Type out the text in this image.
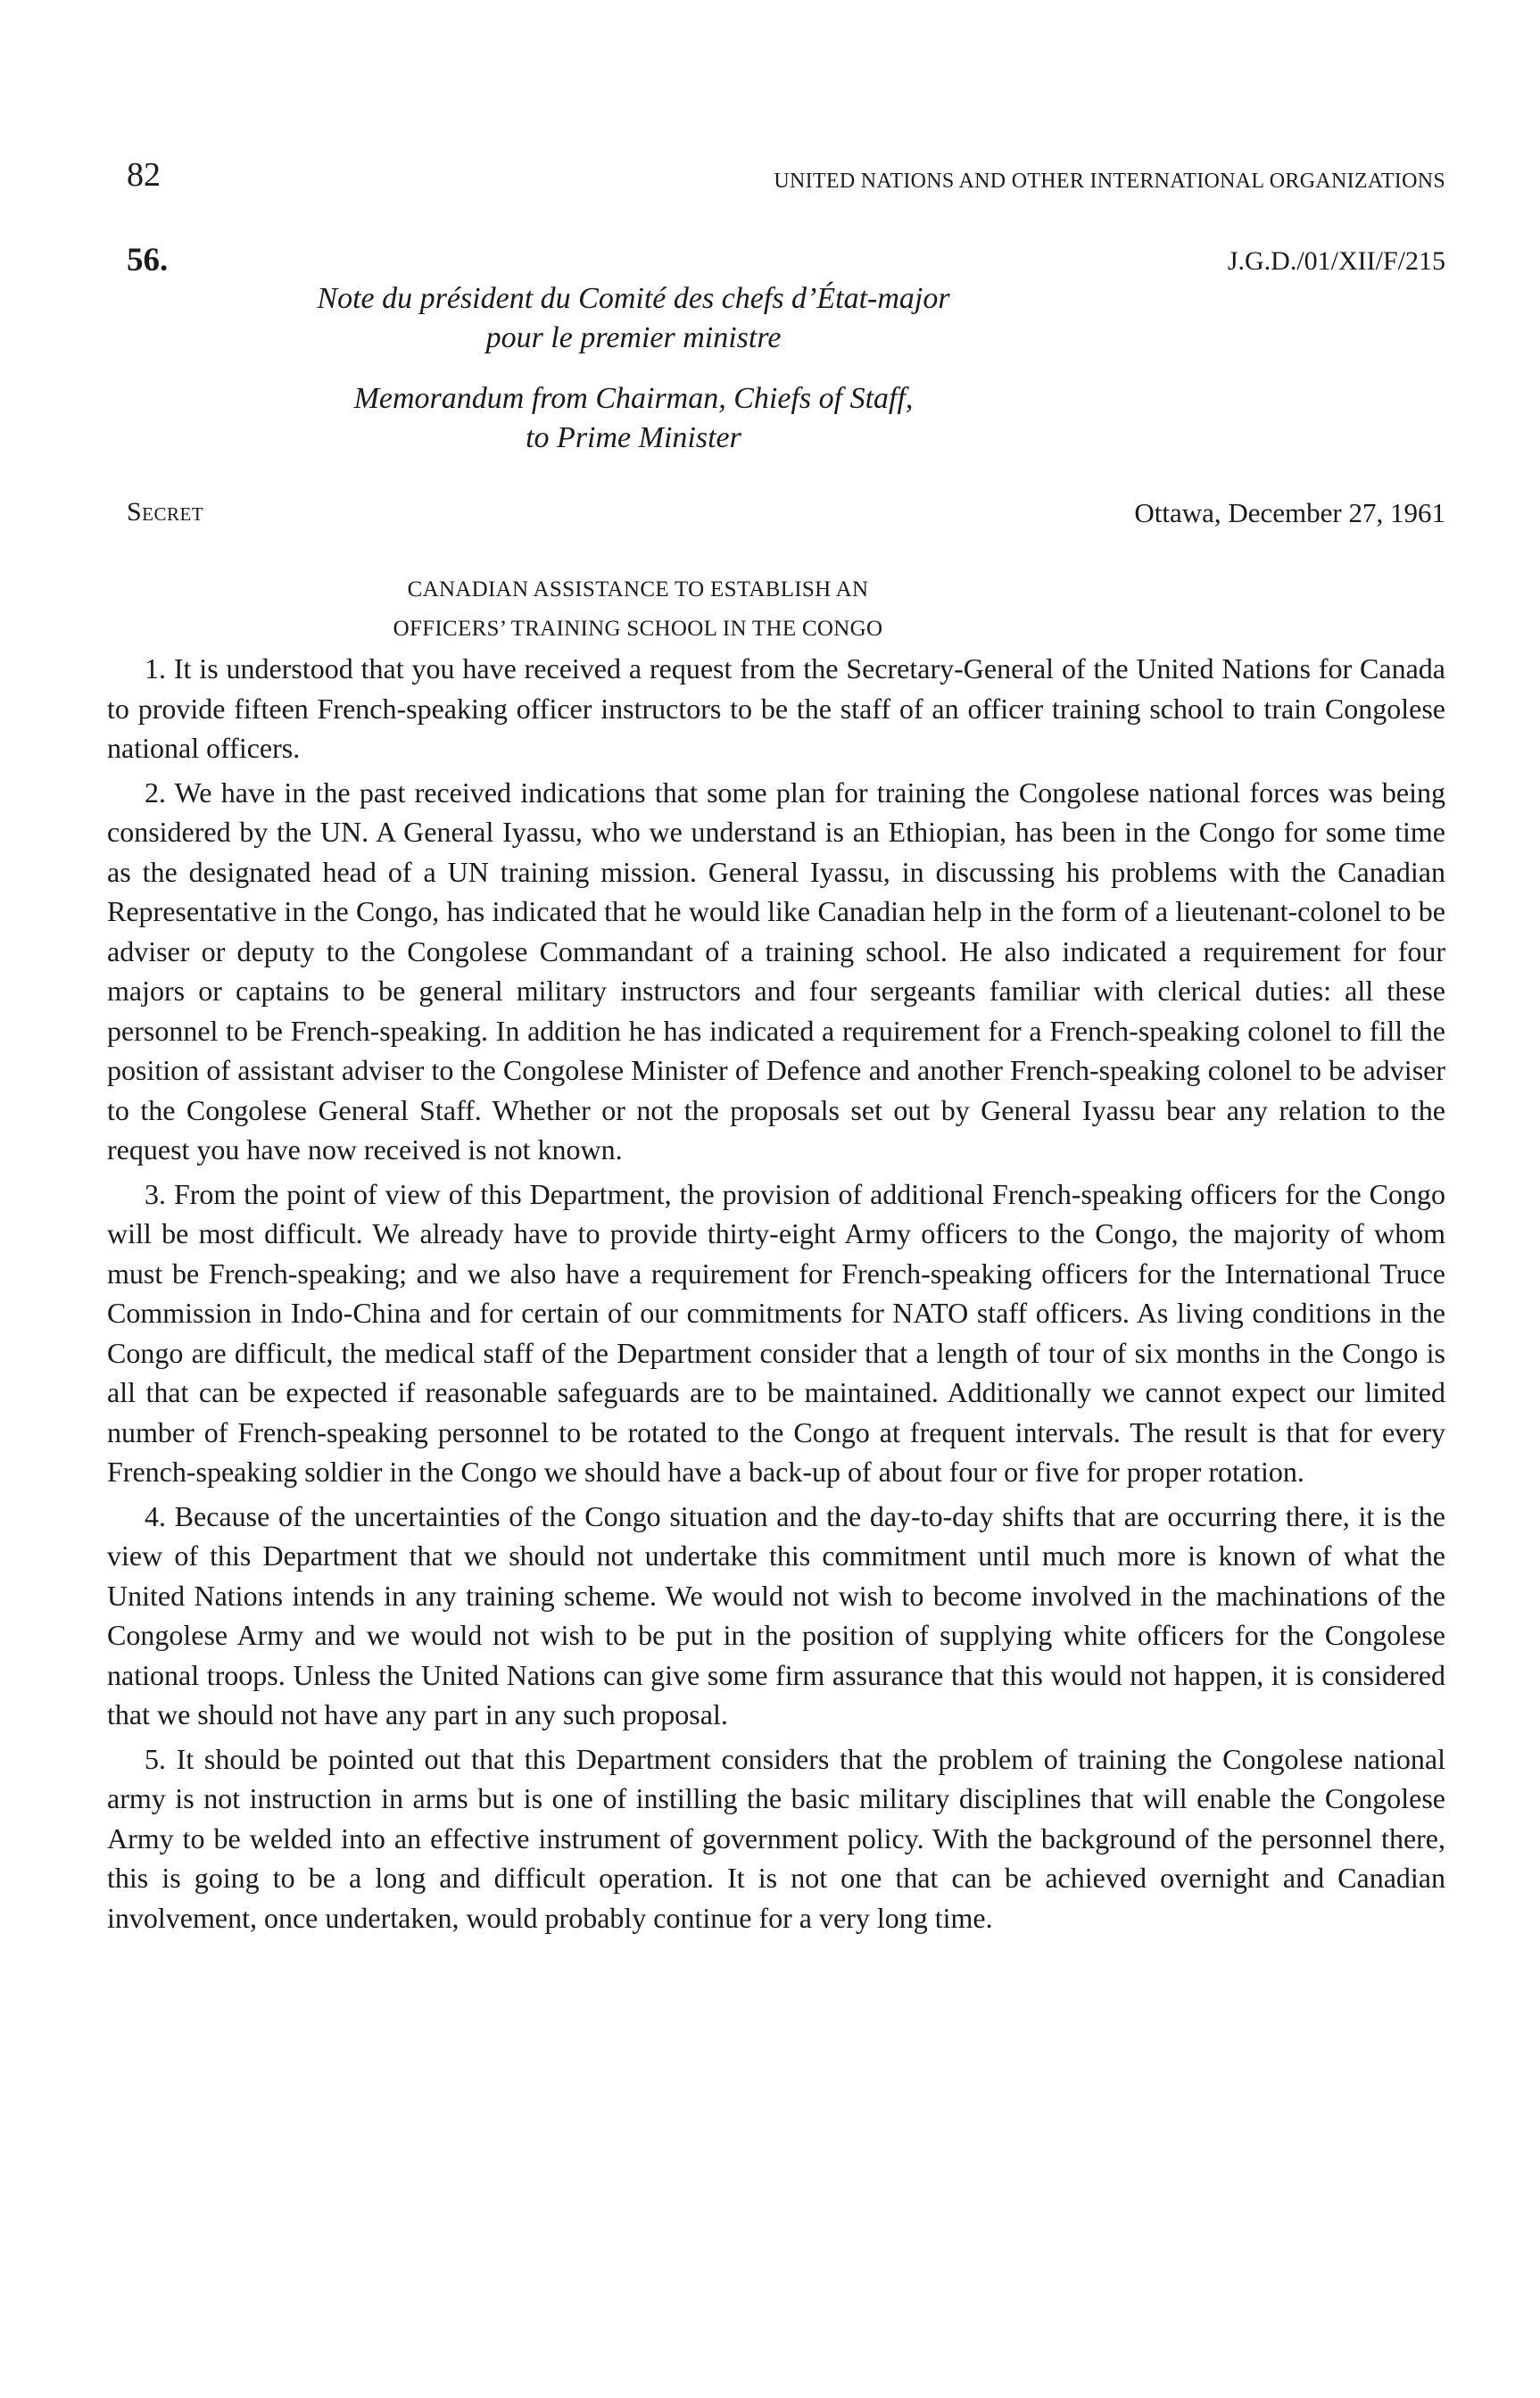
82	UNITED NATIONS AND OTHER INTERNATIONAL ORGANIZATIONS
56.	J.G.D./01/XII/F/215
Note du président du Comité des chefs d’État-major
pour le premier ministre
Memorandum from Chairman, Chiefs of Staff,
to Prime Minister
Secret	Ottawa, December 27, 1961
CANADIAN ASSISTANCE TO ESTABLISH AN
OFFICERS’ TRAINING SCHOOL IN THE CONGO

1. It is understood that you have received a request from the Secretary-General of the United Nations for Canada to provide fifteen French-speaking officer instructors to be the staff of an officer training school to train Congolese national officers.

2. We have in the past received indications that some plan for training the Congolese national forces was being considered by the UN. A General Iyassu, who we understand is an Ethiopian, has been in the Congo for some time as the designated head of a UN training mission. General Iyassu, in discussing his problems with the Canadian Representative in the Congo, has indicated that he would like Canadian help in the form of a lieutenant-colonel to be adviser or deputy to the Congolese Commandant of a training school. He also indicated a requirement for four majors or captains to be general military instructors and four sergeants familiar with clerical duties: all these personnel to be French-speaking. In addition he has indicated a requirement for a French-speaking colonel to fill the position of assistant adviser to the Congolese Minister of Defence and another French-speaking colonel to be adviser to the Congolese General Staff. Whether or not the proposals set out by General Iyassu bear any relation to the request you have now received is not known.

3. From the point of view of this Department, the provision of additional French-speaking officers for the Congo will be most difficult. We already have to provide thirty-eight Army officers to the Congo, the majority of whom must be French-speaking; and we also have a requirement for French-speaking officers for the International Truce Commission in Indo-China and for certain of our commitments for NATO staff officers. As living conditions in the Congo are difficult, the medical staff of the Department consider that a length of tour of six months in the Congo is all that can be expected if reasonable safeguards are to be maintained. Additionally we cannot expect our limited number of French-speaking personnel to be rotated to the Congo at frequent intervals. The result is that for every French-speaking soldier in the Congo we should have a back-up of about four or five for proper rotation.

4. Because of the uncertainties of the Congo situation and the day-to-day shifts that are occurring there, it is the view of this Department that we should not undertake this commitment until much more is known of what the United Nations intends in any training scheme. We would not wish to become involved in the machinations of the Congolese Army and we would not wish to be put in the position of supplying white officers for the Congolese national troops. Unless the United Nations can give some firm assurance that this would not happen, it is considered that we should not have any part in any such proposal.

5. It should be pointed out that this Department considers that the problem of training the Congolese national army is not instruction in arms but is one of instilling the basic military disciplines that will enable the Congolese Army to be welded into an effective instrument of government policy. With the background of the personnel there, this is going to be a long and difficult operation. It is not one that can be achieved overnight and Canadian involvement, once undertaken, would probably continue for a very long time.
